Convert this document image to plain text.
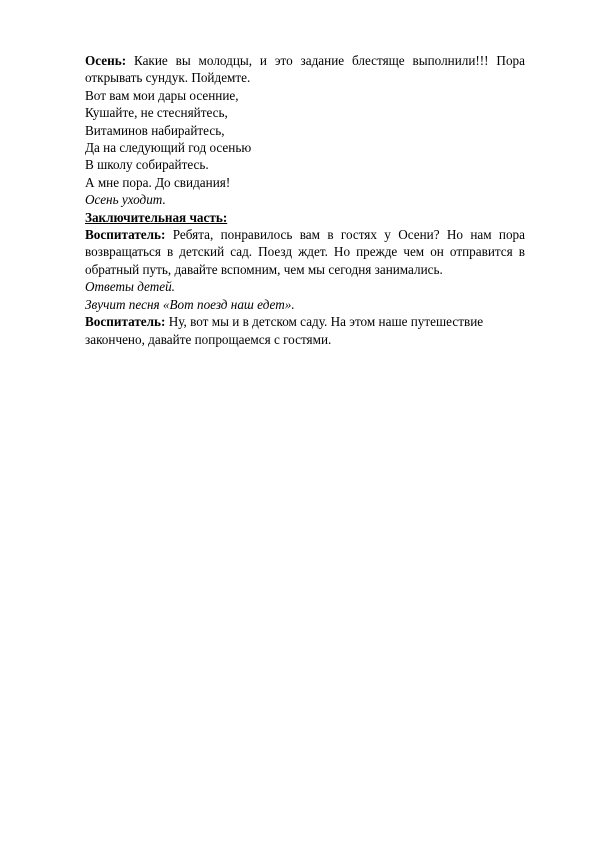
Осень: Какие вы молодцы, и это задание блестяще выполнили!!! Пора открывать сундук. Пойдемте.

Вот вам мои дары осенние,

Кушайте, не стесняйтесь,

Витаминов набирайтесь,

Да на следующий год осенью

В школу собирайтесь.

А мне пора. До свидания!

Осень уходит.

Заключительная часть:

Воспитатель: Ребята, понравилось вам в гостях у Осени? Но нам пора возвращаться в детский сад. Поезд ждет. Но прежде чем он отправится в обратный путь, давайте вспомним, чем мы сегодня занимались.

Ответы детей.

Звучит песня «Вот поезд наш едет».

Воспитатель: Ну, вот мы и в детском саду. На этом наше путешествие закончено, давайте попрощаемся с гостями.
